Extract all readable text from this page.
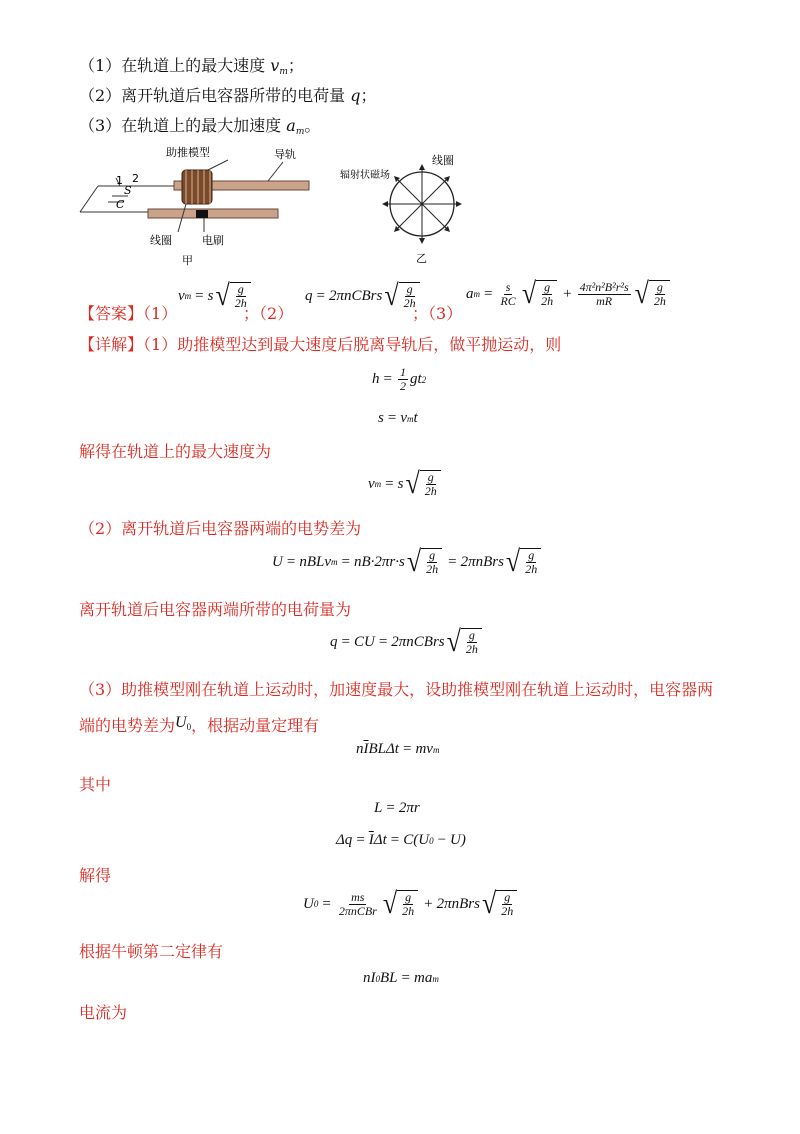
（1）在轨道上的最大速度 $v_m$；
（2）离开轨道后电容器所带的电荷量 q；
（3）在轨道上的最大加速度 $a_m$。
1 2
S
C
助推模型	导轨
线圈	电刷
甲
辐射状磁场
线圈
乙
【答案】（1）
v m = s √ $\frac{g}{2h}$
；（2）
q = 2πnCBrs √ $\frac{g}{2h}$
；（3）
a $m = \frac{s}{RC}$ √ $\frac{g}{2h} + \frac{\text{4π²n²B²r²s}}{mR}$ √ $\frac{g}{2h}$
【详解】（1）助推模型达到最大速度后脱离导轨后，做平抛运动，则
$h = \frac{1}{2}$ gt 2
s = v m t
解得在轨道上的最大速度为
v m = s √ $\frac{g}{2h}$
（2）离开轨道后电容器两端的电势差为
U = nBLv m = nB·2πr·s √ $\frac{g}{2h}$ = 2πnBrs √ $\frac{g}{2h}$
离开轨道后电容器两端所带的电荷量为
q = CU = 2πnCBrs √ $\frac{g}{2h}$
（3）助推模型刚在轨道上运动时，加速度最大，设助推模型刚在轨道上运动时，电容器两
端的电势差为$U_0$，根据动量定理有
n $\overline{I}$ BLΔt = mv m
其中
L = 2πr
$\Delta q = \overline{I}$ Δt = C(U 0 − U)
解得
U $0 = \frac{ms}{\text{2πnCBr}}$ √ $\frac{g}{2h}$ + 2πnBrs √ $\frac{g}{2h}$
根据牛顿第二定律有
nI 0 BL = ma m
电流为
